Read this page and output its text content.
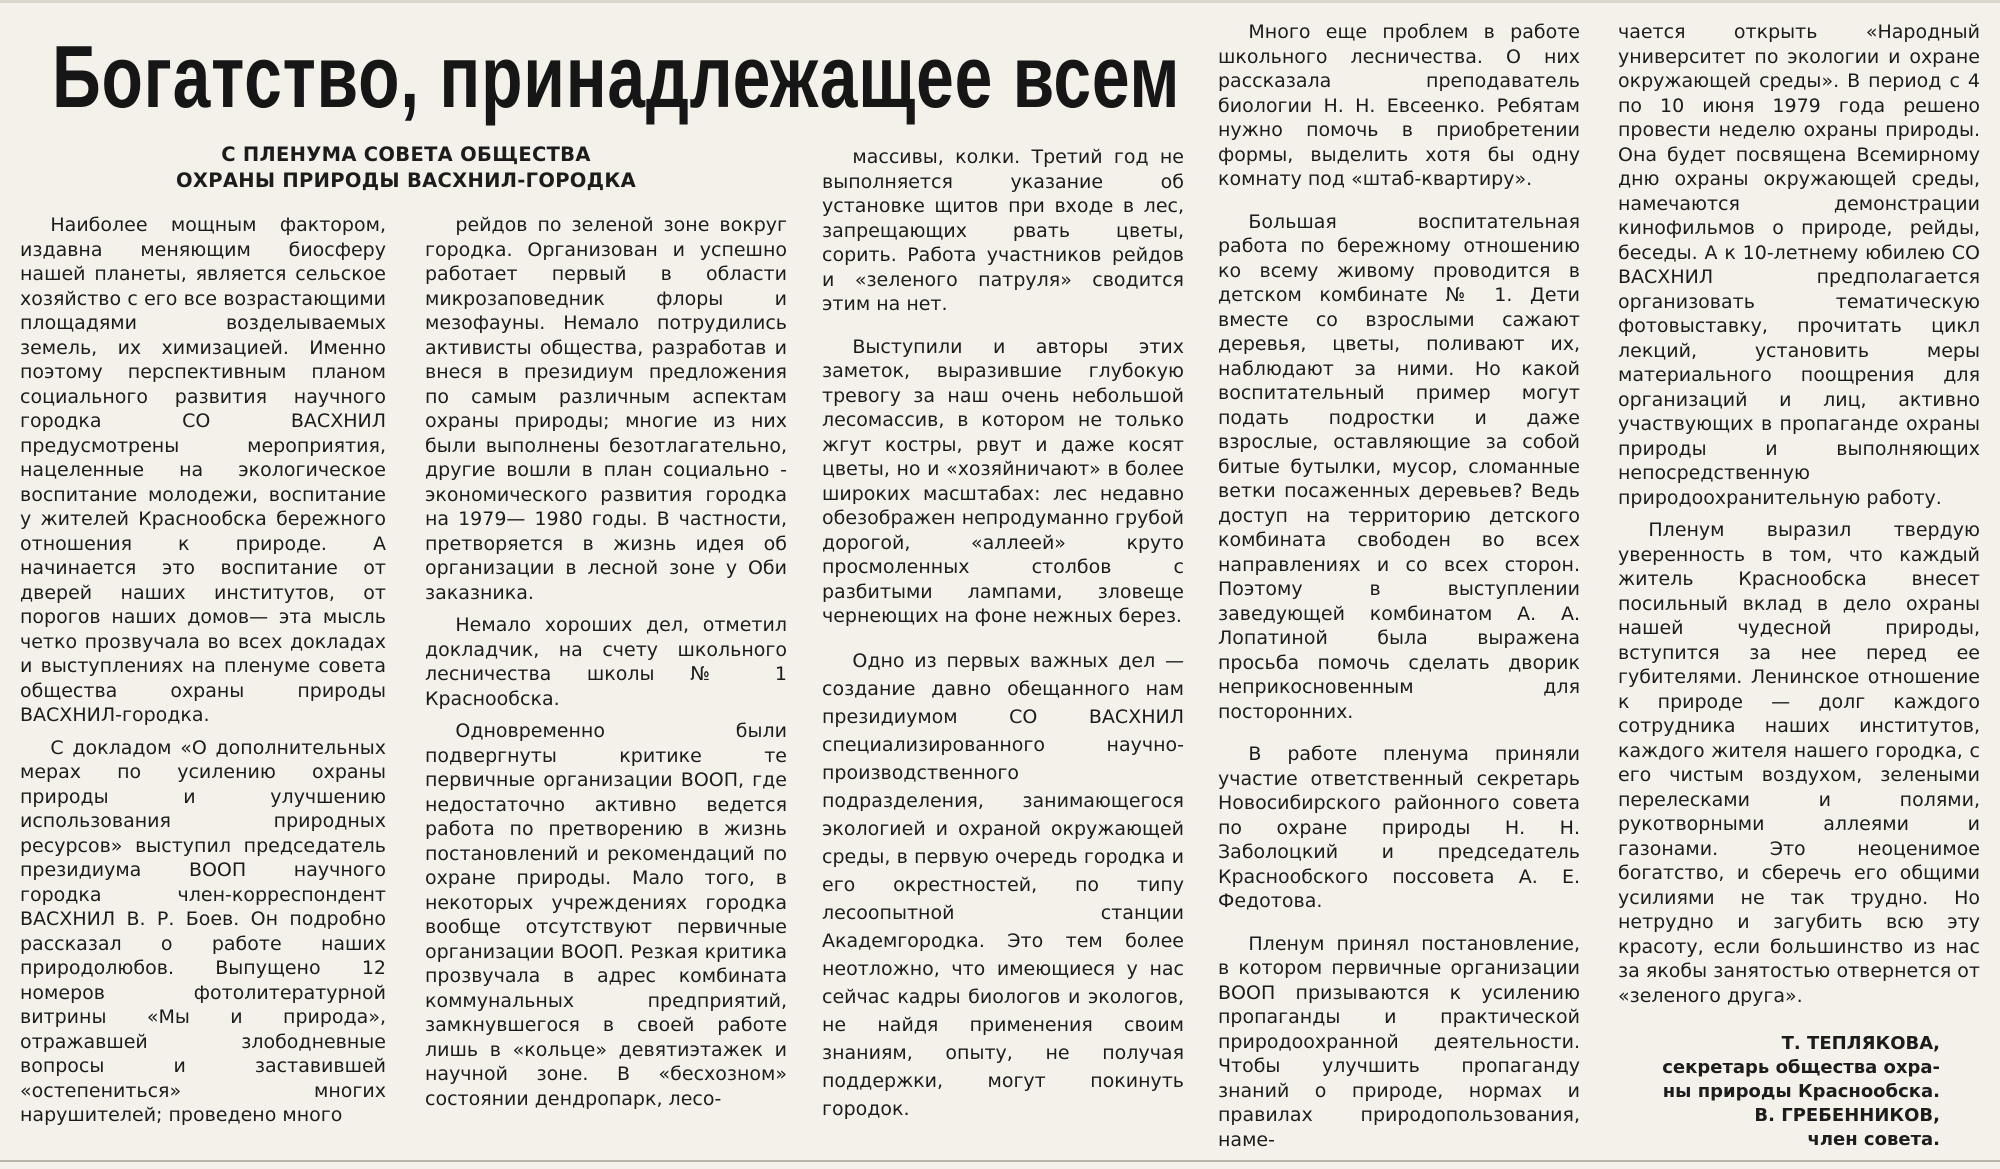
Богатство, принадлежащее всем
С ПЛЕНУМА СОВЕТА ОБЩЕСТВА
ОХРАНЫ ПРИРОДЫ ВАСХНИЛ-ГОРОДКА

Наиболее мощным фактором, издавна меняющим биосферу нашей планеты, является сельское хозяйство с его все возрастающими площадями возделываемых земель, их химизацией. Именно поэтому перспективным планом социального развития научного городка СО ВАСХНИЛ предусмотрены мероприятия, нацеленные на экологическое воспитание молодежи, воспитание у жителей Краснообска бережного отношения к природе. А начинается это воспитание от дверей наших институтов, от порогов наших домов— эта мысль четко прозвучала во всех докладах и выступлениях на пленуме совета общества охраны природы ВАСХНИЛ-городка.

С докладом «О дополнительных мерах по усилению охраны природы и улучшению использования природных ресурсов» выступил председатель президиума ВООП научного городка член-корреспондент ВАСХНИЛ В. Р. Боев. Он подробно рассказал о работе наших природолюбов. Выпущено 12 номеров фотолитературной витрины «Мы и природа», отражавшей злободневные вопросы и заставившей «остепениться» многих нарушителей; проведено много

рейдов по зеленой зоне вокруг городка. Организован и успешно работает первый в области микрозаповедник флоры и мезофауны. Немало потрудились активисты общества, разработав и внеся в президиум предложения по самым различным аспектам охраны природы; многие из них были выполнены безотлагательно, другие вошли в план социально - экономического развития городка на 1979— 1980 годы. В частности, претворяется в жизнь идея об организации в лесной зоне у Оби заказника.

Немало хороших дел, отметил докладчик, на счету школьного лесничества школы № 1 Краснообска.

Одновременно были подвергнуты критике те первичные организации ВООП, где недостаточно активно ведется работа по претворению в жизнь постановлений и рекомендаций по охране природы. Мало того, в некоторых учреждениях городка вообще отсутствуют первичные организации ВООП. Резкая критика прозвучала в адрес комбината коммунальных предприятий, замкнувшегося в своей работе лишь в «кольце» девятиэтажек и научной зоне. В «бесхозном» состоянии дендропарк, лесо-

массивы, колки. Третий год не выполняется указание об установке щитов при входе в лес, запрещающих рвать цветы, сорить. Работа участников рейдов и «зеленого патруля» сводится этим на нет.

Выступили и авторы этих заметок, выразившие глубокую тревогу за наш очень небольшой лесомассив, в котором не только жгут костры, рвут и даже косят цветы, но и «хозяйничают» в более широких масштабах: лес недавно обезображен непродуманно грубой дорогой, «аллеей» круто просмоленных столбов с разбитыми лампами, зловеще чернеющих на фоне нежных берез.

Одно из первых важных дел — создание давно обещанного нам президиумом СО ВАСХНИЛ специализированного научно-производственного подразделения, занимающегося экологией и охраной окружающей среды, в первую очередь городка и его окрестностей, по типу лесоопытной станции Академгородка. Это тем более неотложно, что имеющиеся у нас сейчас кадры биологов и экологов, не найдя применения своим знаниям, опыту, не получая поддержки, могут покинуть городок.

Много еще проблем в работе школьного лесничества. О них рассказала преподаватель биологии Н. Н. Евсеенко. Ребятам нужно помочь в приобретении формы, выделить хотя бы одну комнату под «штаб-квартиру».

Большая воспитательная работа по бережному отношению ко всему живому проводится в детском комбинате № 1. Дети вместе со взрослыми сажают деревья, цветы, поливают их, наблюдают за ними. Но какой воспитательный пример могут подать подростки и даже взрослые, оставляющие за собой битые бутылки, мусор, сломанные ветки посаженных деревьев? Ведь доступ на территорию детского комбината свободен во всех направлениях и со всех сторон. Поэтому в выступлении заведующей комбинатом А. А. Лопатиной была выражена просьба помочь сделать дворик неприкосновенным для посторонних.

В работе пленума приняли участие ответственный секретарь Новосибирского районного совета по охране природы Н. Н. Заболоцкий и председатель Краснообского поссовета А. Е. Федотова.

Пленум принял постановление, в котором первичные организации ВООП призываются к усилению пропаганды и практической природоохранной деятельности. Чтобы улучшить пропаганду знаний о природе, нормах и правилах природопользования, наме-

чается открыть «Народный университет по экологии и охране окружающей среды». В период с 4 по 10 июня 1979 года решено провести неделю охраны природы. Она будет посвящена Всемирному дню охраны окружающей среды, намечаются демонстрации кинофильмов о природе, рейды, беседы. А к 10-летнему юбилею СО ВАСХНИЛ предполагается организовать тематическую фотовыставку, прочитать цикл лекций, установить меры материального поощрения для организаций и лиц, активно участвующих в пропаганде охраны природы и выполняющих непосредственную природоохранительную работу.

Пленум выразил твердую уверенность в том, что каждый житель Краснообска внесет посильный вклад в дело охраны нашей чудесной природы, вступится за нее перед ее губителями. Ленинское отношение к природе — долг каждого сотрудника наших институтов, каждого жителя нашего городка, с его чистым воздухом, зелеными перелесками и полями, рукотворными аллеями и газонами. Это неоценимое богатство, и сберечь его общими усилиями не так трудно. Но нетрудно и загубить всю эту красоту, если большинство из нас за якобы занятостью отвернется от «зеленого друга».

Т. ТЕПЛЯКОВА,
секретарь общества охра-
ны природы Краснообска.
В. ГРЕБЕННИКОВ,
член совета.
